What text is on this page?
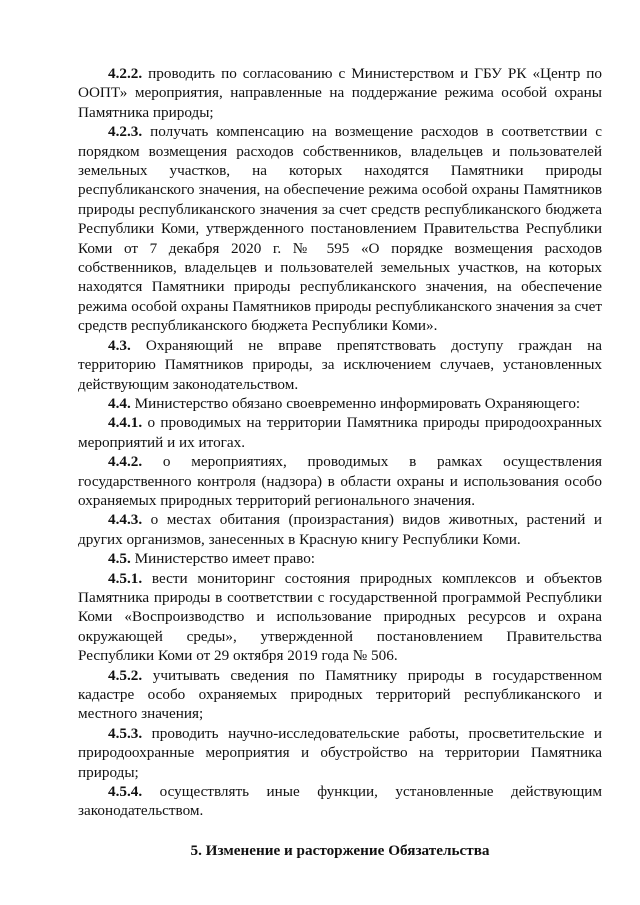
4.2.2. проводить по согласованию с Министерством и ГБУ РК «Центр по ООПТ» мероприятия, направленные на поддержание режима особой охраны Памятника природы;

4.2.3. получать компенсацию на возмещение расходов в соответствии с порядком возмещения расходов собственников, владельцев и пользователей земельных участков, на которых находятся Памятники природы республиканского значения, на обеспечение режима особой охраны Памятников природы республиканского значения за счет средств республиканского бюджета Республики Коми, утвержденного постановлением Правительства Республики Коми от 7 декабря 2020 г. № 595 «О порядке возмещения расходов собственников, владельцев и пользователей земельных участков, на которых находятся Памятники природы республиканского значения, на обеспечение режима особой охраны Памятников природы республиканского значения за счет средств республиканского бюджета Республики Коми».

4.3. Охраняющий не вправе препятствовать доступу граждан на территорию Памятников природы, за исключением случаев, установленных действующим законодательством.

4.4. Министерство обязано своевременно информировать Охраняющего:

4.4.1. о проводимых на территории Памятника природы природоохранных мероприятий и их итогах.

4.4.2. о мероприятиях, проводимых в рамках осуществления государственного контроля (надзора) в области охраны и использования особо охраняемых природных территорий регионального значения.

4.4.3. о местах обитания (произрастания) видов животных, растений и других организмов, занесенных в Красную книгу Республики Коми.

4.5. Министерство имеет право:

4.5.1. вести мониторинг состояния природных комплексов и объектов Памятника природы в соответствии с государственной программой Республики Коми «Воспроизводство и использование природных ресурсов и охрана окружающей среды», утвержденной постановлением Правительства Республики Коми от 29 октября 2019 года № 506.

4.5.2. учитывать сведения по Памятнику природы в государственном кадастре особо охраняемых природных территорий республиканского и местного значения;

4.5.3. проводить научно-исследовательские работы, просветительские и природоохранные мероприятия и обустройство на территории Памятника природы;

4.5.4. осуществлять иные функции, установленные действующим законодательством.

5. Изменение и расторжение Обязательства
